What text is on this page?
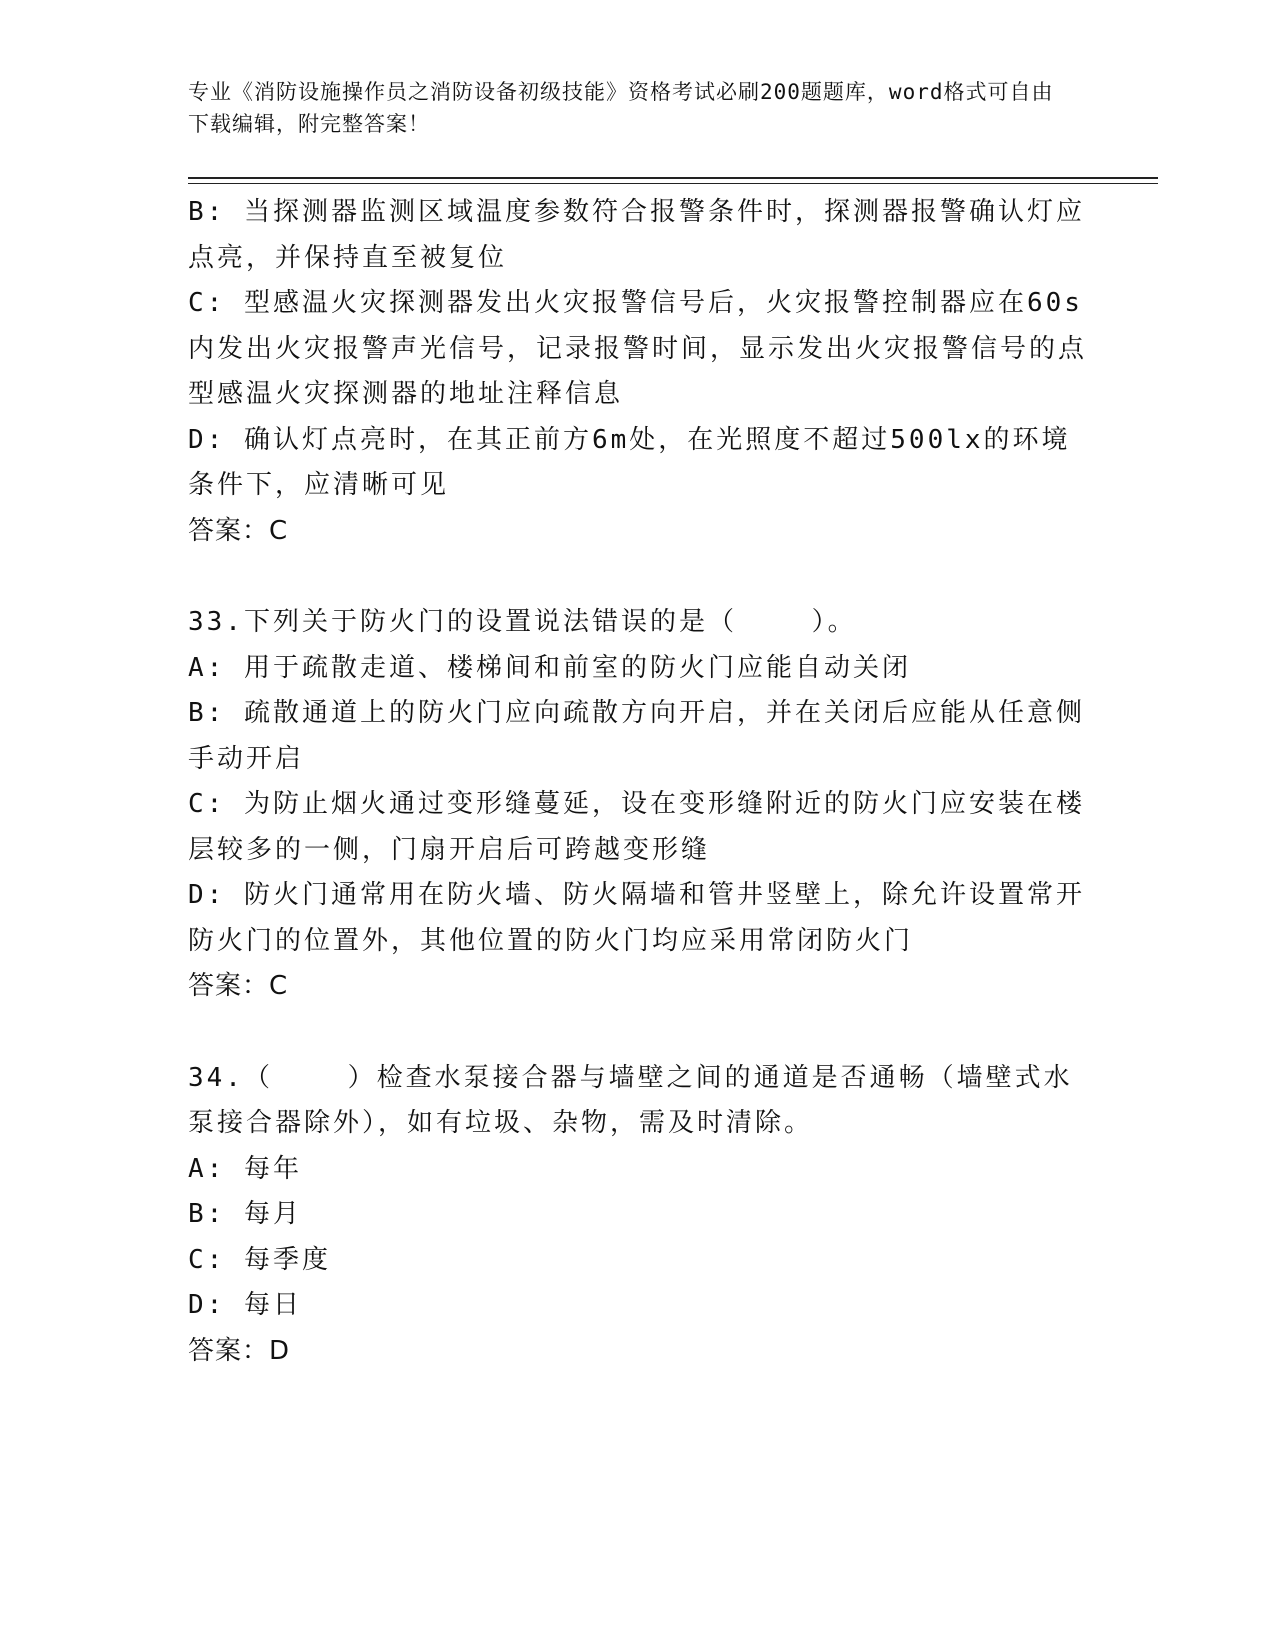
专业《消防设施操作员之消防设备初级技能》资格考试必刷200题题库，word格式可自由下载编辑，附完整答案！
B: 当探测器监测区域温度参数符合报警条件时，探测器报警确认灯应点亮，并保持直至被复位
C: 型感温火灾探测器发出火灾报警信号后，火灾报警控制器应在60s内发出火灾报警声光信号，记录报警时间，显示发出火灾报警信号的点型感温火灾探测器的地址注释信息
D: 确认灯点亮时，在其正前方6m处，在光照度不超过500lx的环境条件下，应清晰可见
答案：C
33.下列关于防火门的设置说法错误的是（    ）。
A: 用于疏散走道、楼梯间和前室的防火门应能自动关闭
B: 疏散通道上的防火门应向疏散方向开启，并在关闭后应能从任意侧手动开启
C: 为防止烟火通过变形缝蔓延，设在变形缝附近的防火门应安装在楼层较多的一侧，门扇开启后可跨越变形缝
D: 防火门通常用在防火墙、防火隔墙和管井竖壁上，除允许设置常开防火门的位置外，其他位置的防火门均应采用常闭防火门
答案：C
34.（    ）检查水泵接合器与墙壁之间的通道是否通畅（墙壁式水泵接合器除外），如有垃圾、杂物，需及时清除。
A: 每年
B: 每月
C: 每季度
D: 每日
答案：D
